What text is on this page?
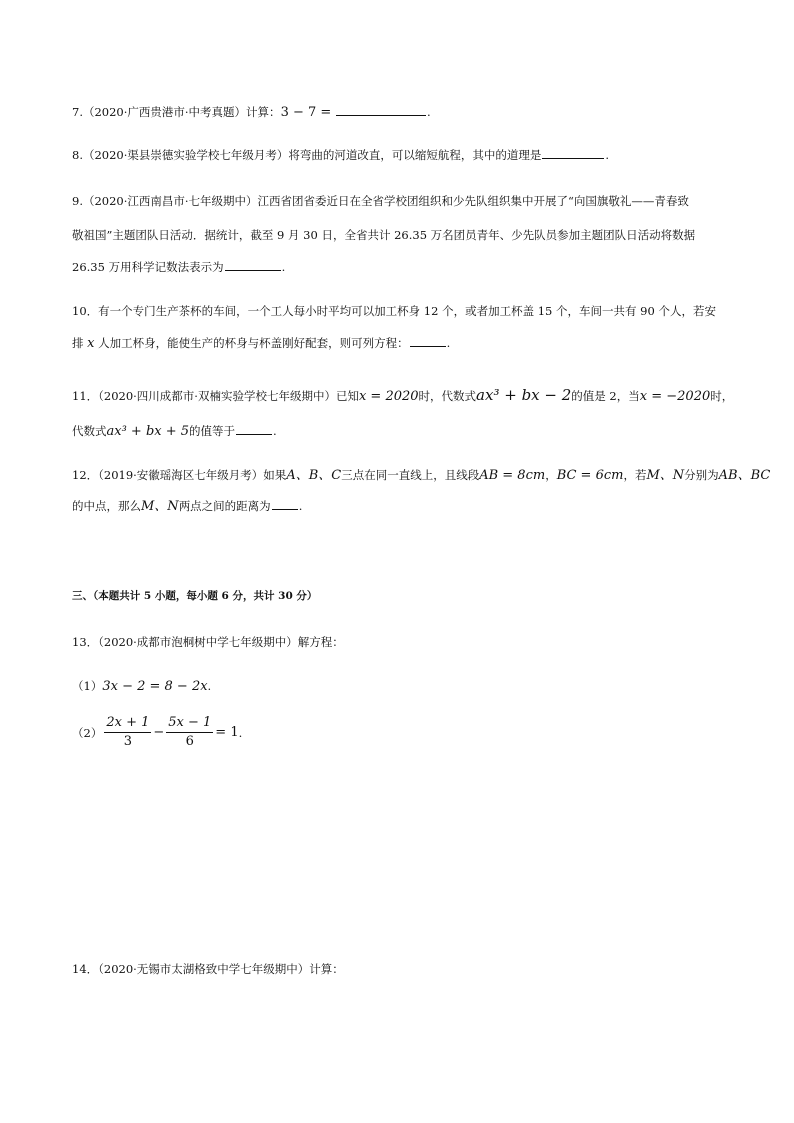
7.（2020·广西贵港市·中考真题）计算：3 − 7 =	.
8.（2020·渠县崇德实验学校七年级月考）将弯曲的河道改直，可以缩短航程，其中的道理是	.
9.（2020·江西南昌市·七年级期中）江西省团省委近日在全省学校团组织和少先队组织集中开展了“向国旗敬礼——青春致
敬祖国”主题团队日活动．据统计，截至 9 月 30 日，全省共计 26.35 万名团员青年、少先队员参加主题团队日活动将数据
26.35 万用科学记数法表示为	.
10．有一个专门生产茶杯的车间，一个工人每小时平均可以加工杯身 12 个，或者加工杯盖 15 个，车间一共有 90 个人，若安
排 x 人加工杯身，能使生产的杯身与杯盖刚好配套，则可列方程：	.
11．（2020·四川成都市·双楠实验学校七年级期中）已知x = 2020时，代数式ax³ + bx − 2的值是 2，当x = −2020时，
代数式ax³ + bx + 5的值等于	.
12．（2019·安徽瑶海区七年级月考）如果A、B、C三点在同一直线上，且线段AB = 8cm，BC = 6cm，若M、N分别为AB、BC
的中点，那么M、N两点之间的距离为 .
三、（本题共计 5 小题，每小题 6 分，共计 30 分）
13．（2020·成都市泡桐树中学七年级期中）解方程：
（1）3x − 2 = 8 − 2x.
$(2) \frac{2x + 1}{3} - \frac{5x - 1}{6} = 1$ .
14．（2020·无锡市太湖格致中学七年级期中）计算：
